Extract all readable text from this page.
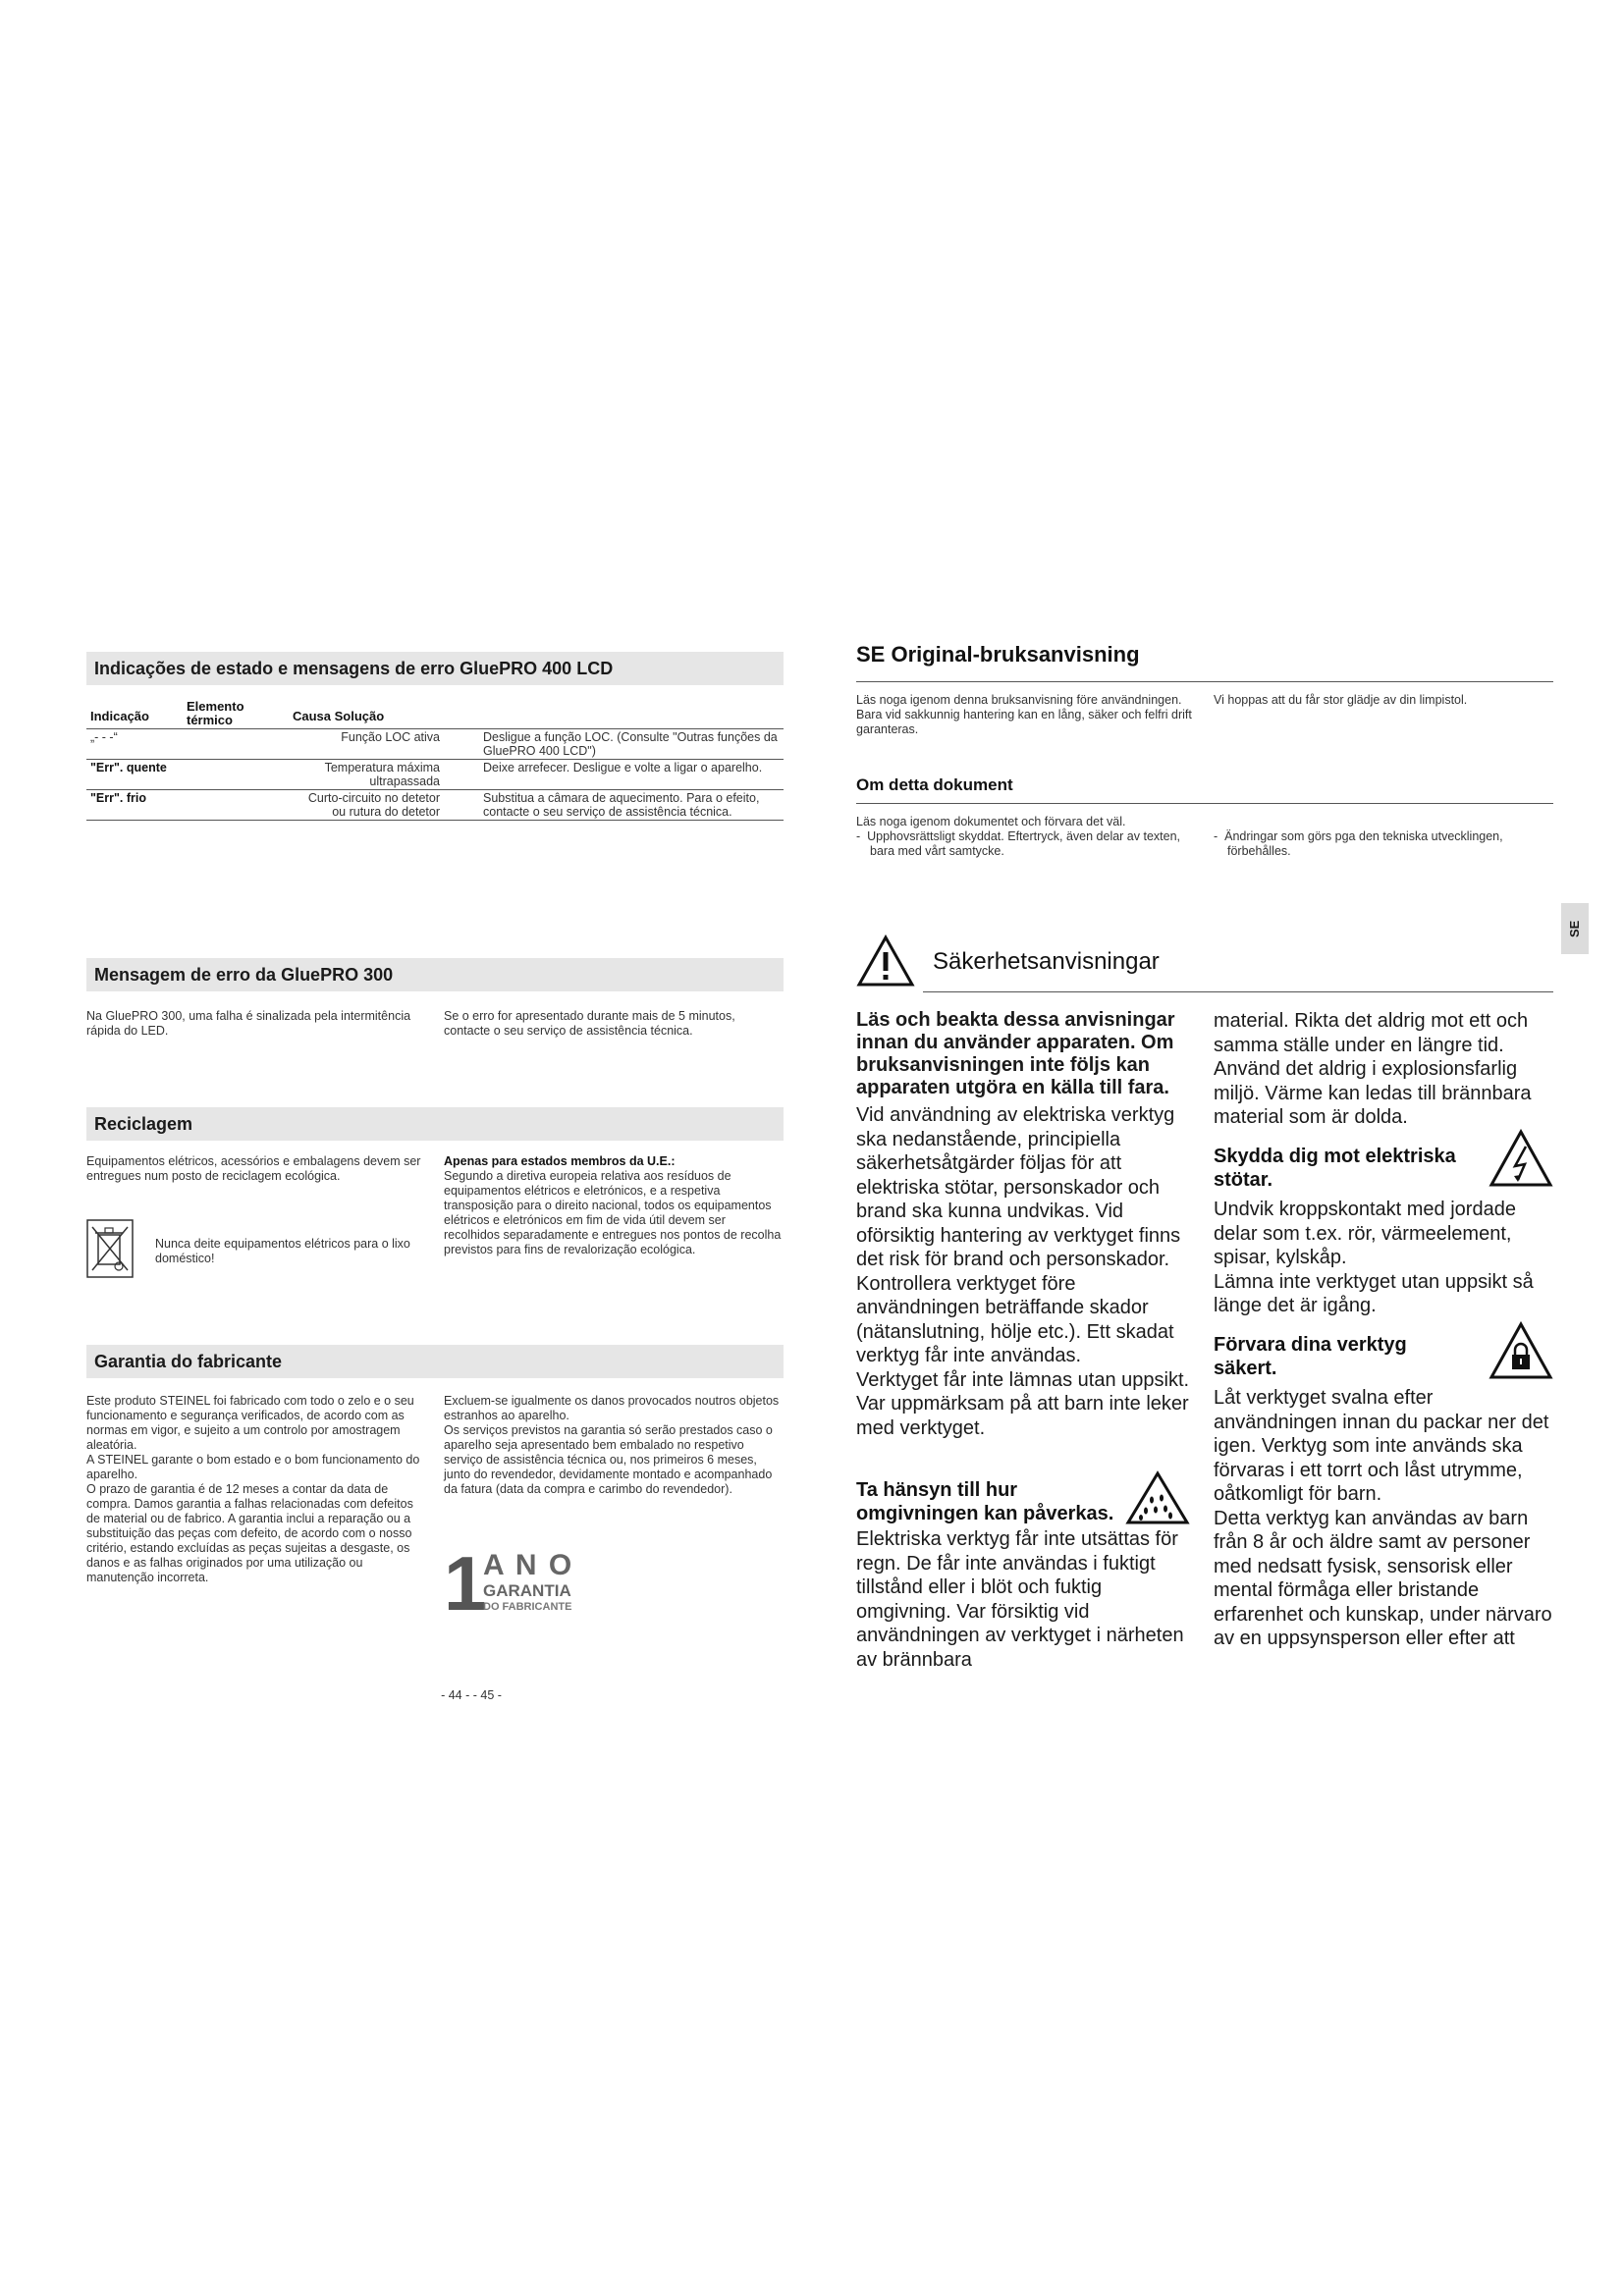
Indicações de estado e mensagens de erro GluePRO 400 LCD
Indicação	Elemento térmico	Causa Solução	
„- - -“		Função LOC ativa	Desligue a função LOC. (Consulte "Outras funções da GluePRO 400 LCD")
"Err". quente		Temperatura máxima ultrapassada	Deixe arrefecer. Desligue e volte a ligar o aparelho.
"Err". frio		Curto-circuito no detetor ou rutura do detetor	Substitua a câmara de aquecimento. Para o efeito, contacte o seu serviço de assistência técnica.
Mensagem de erro da GluePRO 300
Na GluePRO 300, uma falha é sinalizada pela intermitência rápida do LED.
Se o erro for apresentado durante mais de 5 minutos, contacte o seu serviço de assistência técnica.
Reciclagem
Equipamentos elétricos, acessórios e embalagens devem ser entregues num posto de reciclagem ecológica.
Nunca deite equipamentos elétricos para o lixo doméstico!
Apenas para estados membros da U.E.:
Segundo a diretiva europeia relativa aos resíduos de equipamentos elétricos e eletrónicos, e a respetiva transposição para o direito nacional, todos os equipamentos elétricos e eletrónicos em fim de vida útil devem ser recolhidos separadamente e entregues nos pontos de recolha previstos para fins de revalorização ecológica.
Garantia do fabricante

Este produto STEINEL foi fabricado com todo o zelo e o seu funcionamento e segurança verificados, de acordo com as normas em vigor, e sujeito a um controlo por amostragem aleatória.

A STEINEL garante o bom estado e o bom funcionamento do aparelho.

O prazo de garantia é de 12 meses a contar da data de compra. Damos garantia a falhas relacionadas com defeitos de material ou de fabrico. A garantia inclui a reparação ou a substituição das peças com defeito, de acordo com o nosso critério, estando excluídas as peças sujeitas a desgaste, os danos e as falhas originados por uma utilização ou manutenção incorreta.

Excluem-se igualmente os danos provocados noutros objetos estranhos ao aparelho.

Os serviços previstos na garantia só serão prestados caso o aparelho seja apresentado bem embalado no respetivo serviço de assistência técnica ou, nos primeiros 6 meses, junto do revendedor, devidamente montado e acompanhado da fatura (data da compra e carimbo do revendedor).

1
A N O
GARANTIA
DO FABRICANTE
- 44 - - 45 -
SE Original-bruksanvisning
Läs noga igenom denna bruksanvisning före användningen. Bara vid sakkunnig hantering kan en lång, säker och felfri drift garanteras.
Vi hoppas att du får stor glädje av din limpistol.
Om detta dokument

Läs noga igenom dokumentet och förvara det väl.

-  Upphovsrättsligt skyddat. Eftertryck, även delar av texten, bara med vårt samtycke.

-  Ändringar som görs pga den tekniska utvecklingen, förbehålles.
SE
Säkerhetsanvisningar

Läs och beakta dessa anvisningar innan du använder apparaten. Om bruksanvisningen inte följs kan apparaten utgöra en källa till fara.

Vid användning av elektriska verktyg ska nedanstående, principiella säkerhetsåtgärder följas för att elektriska stötar, personskador och brand ska kunna undvikas. Vid oförsiktig hantering av verktyget finns det risk för brand och personskador.

Kontrollera verktyget före användningen beträffande skador (nätanslutning, hölje etc.). Ett skadat verktyg får inte användas.

Verktyget får inte lämnas utan uppsikt.

Var uppmärksam på att barn inte leker med verktyget.

Ta hänsyn till hur omgivningen kan påverkas.
Elektriska verktyg får inte utsättas för regn. De får inte användas i fuktigt tillstånd eller i blöt och fuktig omgivning. Var försiktig vid användningen av verktyget i närheten av brännbara
material. Rikta det aldrig mot ett och samma ställe under en längre tid. Använd det aldrig i explosionsfarlig miljö. Värme kan ledas till brännbara material som är dolda.
Skydda dig mot elektriska stötar.

Undvik kroppskontakt med jordade delar som t.ex. rör, värmeelement, spisar, kylskåp.

Lämna inte verktyget utan uppsikt så länge det är igång.

Förvara dina verktyg säkert.

Låt verktyget svalna efter användningen innan du packar ner det igen. Verktyg som inte används ska förvaras i ett torrt och låst utrymme, oåtkomligt för barn.

Detta verktyg kan användas av barn från 8 år och äldre samt av personer med nedsatt fysisk, sensorisk eller mental förmåga eller bristande erfarenhet och kunskap, under närvaro av en uppsynsperson eller efter att
